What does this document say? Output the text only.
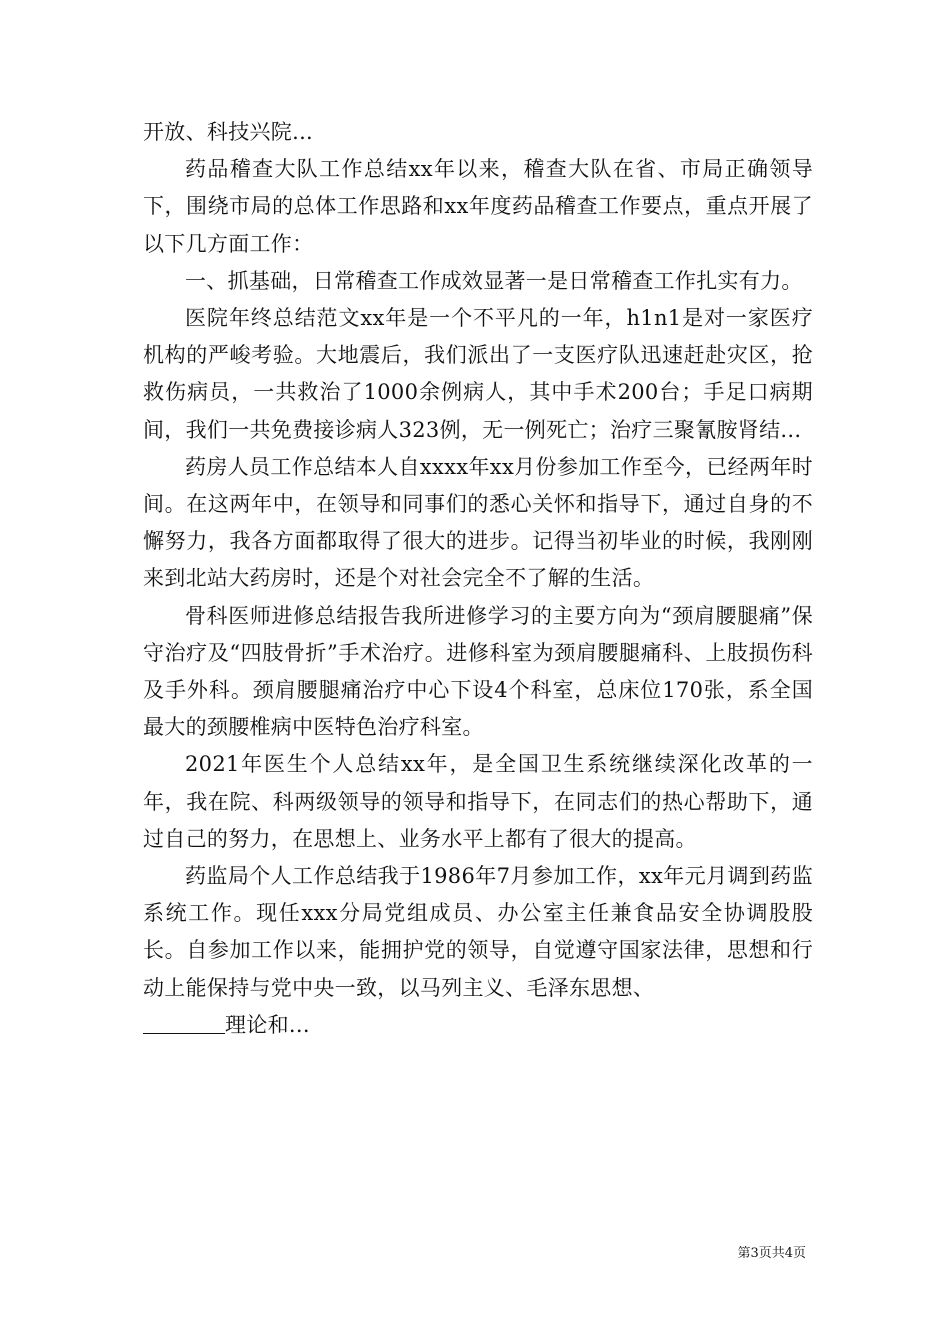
开放、科技兴院...

药品稽查大队工作总结xx年以来，稽查大队在省、市局正确领导下，围绕市局的总体工作思路和xx年度药品稽查工作要点，重点开展了以下几方面工作：

一、抓基础，日常稽查工作成效显著一是日常稽查工作扎实有力。

医院年终总结范文xx年是一个不平凡的一年，h1n1是对一家医疗机构的严峻考验。大地震后，我们派出了一支医疗队迅速赶赴灾区，抢救伤病员，一共救治了1000余例病人，其中手术200台；手足口病期间，我们一共免费接诊病人323例，无一例死亡；治疗三聚氰胺肾结...

药房人员工作总结本人自xxxx年xx月份参加工作至今，已经两年时间。在这两年中，在领导和同事们的悉心关怀和指导下，通过自身的不懈努力，我各方面都取得了很大的进步。记得当初毕业的时候，我刚刚来到北站大药房时，还是个对社会完全不了解的生活。

骨科医师进修总结报告我所进修学习的主要方向为“颈肩腰腿痛”保守治疗及“四肢骨折”手术治疗。进修科室为颈肩腰腿痛科、上肢损伤科及手外科。颈肩腰腿痛治疗中心下设4个科室，总床位170张，系全国最大的颈腰椎病中医特色治疗科室。

2021年医生个人总结xx年，是全国卫生系统继续深化改革的一年，我在院、科两级领导的领导和指导下，在同志们的热心帮助下，通过自己的努力，在思想上、业务水平上都有了很大的提高。

药监局个人工作总结我于1986年7月参加工作，xx年元月调到药监系统工作。现任xxx分局党组成员、办公室主任兼食品安全协调股股长。自参加工作以来，能拥护党的领导，自觉遵守国家法律，思想和行动上能保持与党中央一致，以马列主义、毛泽东思想、

理论和...

第3页共4页
